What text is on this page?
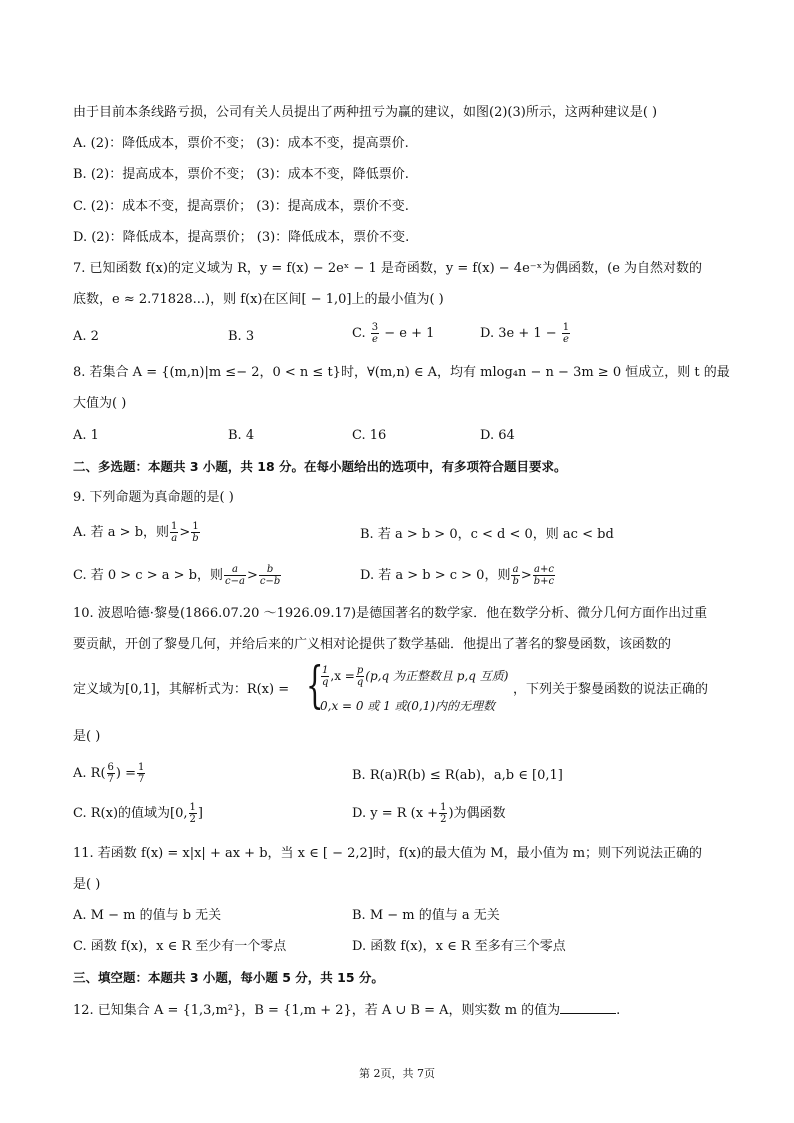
由于目前本条线路亏损，公司有关人员提出了两种扭亏为赢的建议，如图(2)(3)所示，这两种建议是( )
A. (2)：降低成本，票价不变； (3)：成本不变，提高票价.
B. (2)：提高成本，票价不变； (3)：成本不变，降低票价.
C. (2)：成本不变，提高票价； (3)：提高成本，票价不变.
D. (2)：降低成本，提高票价； (3)：降低成本，票价不变.
7. 已知函数 f(x)的定义域为 R，y = f(x) − 2eˣ − 1 是奇函数，y = f(x) − 4e⁻ˣ为偶函数，(e 为自然对数的
底数，e ≈ 2.71828...)，则 f(x)在区间[ − 1,0]上的最小值为( )
A. 2	B. 3	C. $\frac{3}{e} - e + 1$	D. $3e + 1 - \frac{1}{e}$
8. 若集合 A = {(m,n)|m ≤− 2，0 < n ≤ t}时，∀(m,n) ∈ A，均有 mlog₄n − n − 3m ≥ 0 恒成立，则 t 的最
大值为( )
A. 1	B. 4	C. 16	D. 64
二、多选题：本题共 3 小题，共 18 分。在每小题给出的选项中，有多项符合题目要求。
9. 下列命题为真命题的是( )
A. 若 a > b，则 $\frac{1}{a} > \frac{1}{b}$	B. 若 a > b > 0，c < d < 0，则 ac < bd
C. 若 0 > c > a > b，则 $\frac{a}{c-a} > \frac{b}{c-b}$	D. 若 a > b > c > 0，则 $\frac{a}{b} > \frac{a+c}{b+c}$
10. 波恩哈德·黎曼(1866.07.20 ～1926.09.17)是德国著名的数学家．他在数学分析、微分几何方面作出过重
要贡献，开创了黎曼几何，并给后来的广义相对论提供了数学基础．他提出了著名的黎曼函数，该函数的
定义域为[0,1]，其解析式为：R(x) = {
$\frac{1}{q} ,x = \frac{p}{q} (p,q$ 为正整数且 p,q 互质)
0,x = 0 或 1 或(0,1)内的无理数
，下列关于黎曼函数的说法正确的
是( )
A. $R( \frac{6}{7}$ ) = $\frac{1}{7}$	B. R(a)R(b) ≤ R(ab)，a,b ∈ [0,1]
C. R(x)的值域为[0, $\frac{1}{2}$ ]	D. y = R ($x + \frac{1}{2}$ )为偶函数
11. 若函数 f(x) = x|x| + ax + b，当 x ∈ [ − 2,2]时，f(x)的最大值为 M，最小值为 m；则下列说法正确的
是( )
A. M − m 的值与 b 无关	B. M − m 的值与 a 无关
C. 函数 f(x)，x ∈ R 至少有一个零点	D. 函数 f(x)，x ∈ R 至多有三个零点
三、填空题：本题共 3 小题，每小题 5 分，共 15 分。
12. 已知集合 A = {1,3,m²}，B = {1,m + 2}，若 A ∪ B = A，则实数 m 的值为	.
第 2页，共 7页
